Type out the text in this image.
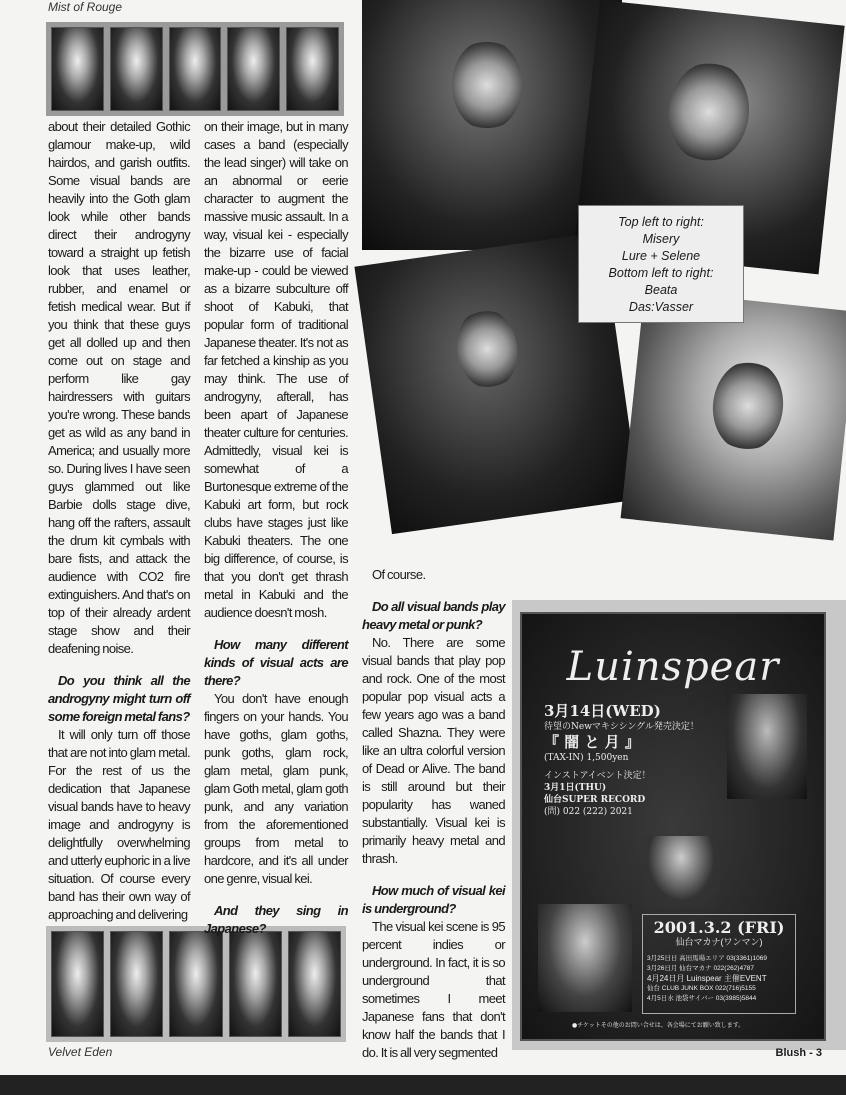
Mist of Rouge

about their detailed Gothic glamour make-up, wild hairdos, and garish outfits. Some visual bands are heavily into the Goth glam look while other bands direct their androgyny toward a straight up fetish look that uses leather, rubber, and enamel or fetish medical wear. But if you think that these guys get all dolled up and then come out on stage and perform like gay hairdressers with guitars you're wrong. These bands get as wild as any band in America; and usually more so. During lives I have seen guys glammed out like Barbie dolls stage dive, hang off the rafters, assault the drum kit cymbals with bare fists, and attack the audience with CO2 fire extinguishers. And that's on top of their already ardent stage show and their deafening noise.

Do you think all the androgyny might turn off some foreign metal fans?

It will only turn off those that are not into glam metal. For the rest of us the dedication that Japanese visual bands have to heavy image and androgyny is delightfully overwhelming and utterly euphoric in a live situation. Of course every band has their own way of approaching and delivering

on their image, but in many cases a band (especially the lead singer) will take on an abnormal or eerie character to augment the massive music assault. In a way, visual kei - especially the bizarre use of facial make-up - could be viewed as a bizarre subculture off shoot of Kabuki, that popular form of traditional Japanese theater. It's not as far fetched a kinship as you may think. The use of androgyny, afterall, has been apart of Japanese theater culture for centuries. Admittedly, visual kei is somewhat of a Burtonesque extreme of the Kabuki art form, but rock clubs have stages just like Kabuki theaters. The one big difference, of course, is that you don't get thrash metal in Kabuki and the audience doesn't mosh.

How many different kinds of visual acts are there?

You don't have enough fingers on your hands. You have goths, glam goths, punk goths, glam rock, glam metal, glam punk, glam Goth metal, glam goth punk, and any variation from the aforementioned groups from metal to hardcore, and it's all under one genre, visual kei.

And they sing in Japanese?

Of course.

Do all visual bands play heavy metal or punk?

No. There are some visual bands that play pop and rock. One of the most popular pop visual acts a few years ago was a band called Shazna. They were like an ultra colorful version of Dead or Alive. The band is still around but their popularity has waned substantially. Visual kei is primarily heavy metal and thrash.

How much of visual kei is underground?

The visual kei scene is 95 percent indies or underground. In fact, it is so underground that sometimes I meet Japanese fans that don't know half the bands that I do. It is all very segmented

Top left to right:
Misery
Lure + Selene
Bottom left to right:
Beata
Das:Vasser
Luinspear
3月14日(WED)
待望のNewマキシシングル発売決定！
『 闇 と 月 』
(TAX-IN) 1,500yen
インストアイベント決定！
3月1日(THU)
仙台SUPER RECORD
(問) 022 (222) 2021
2001.3.2 (FRI)
仙台マカナ(ワンマン)
3月25日日 高田馬場エリア 03(3361)1069
3月26日月 仙台マカナ 022(262)4787
4月24日月 Luinspear 主催EVENT
仙台 CLUB JUNK BOX 022(716)5155
4月5日水 池袋サイバー 03(3985)5844
●チケットその他のお問い合せは、各会場にてお願い致します。
Velvet Eden	Blush - 3
